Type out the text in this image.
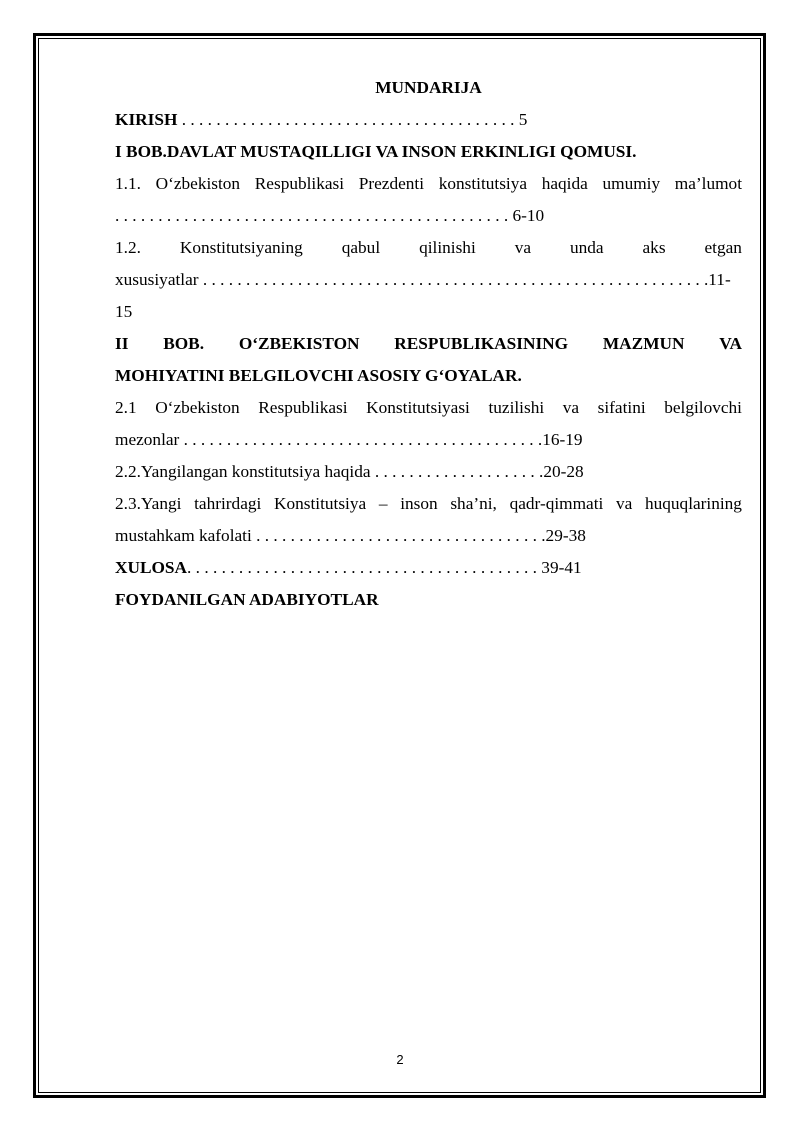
MUNDARIJA

KIRISH . . . . . . . . . . . . . . . . . . . . . . . . . . . . . . . . . . . . . . . 5

I BOB.DAVLAT MUSTAQILLIGI VA INSON ERKINLIGI QOMUSI.

1.1. O‘zbekiston Respublikasi Prezdenti konstitutsiya haqida umumiy ma’lumot

. . . . . . . . . . . . . . . . . . . . . . . . . . . . . . . . . . . . . . . . . . . . . . 6-10

1.2. Konstitutsiyaning qabul qilinishi va unda aks etgan

xususiyatlar . . . . . . . . . . . . . . . . . . . . . . . . . . . . . . . . . . . . . . . . . . . . . . . . . . . . . . . . . . .11-

15

II BOB. O‘ZBEKISTON RESPUBLIKASINING MAZMUN VA

MOHIYATINI BELGILOVCHI ASOSIY G‘OYALAR.

2.1 O‘zbekiston Respublikasi Konstitutsiyasi tuzilishi va sifatini belgilovchi

mezonlar . . . . . . . . . . . . . . . . . . . . . . . . . . . . . . . . . . . . . . . . . .16-19

2.2.Yangilangan konstitutsiya haqida . . . . . . . . . . . . . . . . . . . .20-28

2.3.Yangi tahrirdagi Konstitutsiya – inson sha’ni, qadr-qimmati va huquqlarining

mustahkam kafolati . . . . . . . . . . . . . . . . . . . . . . . . . . . . . . . . . .29-38

XULOSA. . . . . . . . . . . . . . . . . . . . . . . . . . . . . . . . . . . . . . . . . 39-41

FOYDANILGAN ADABIYOTLAR

2
